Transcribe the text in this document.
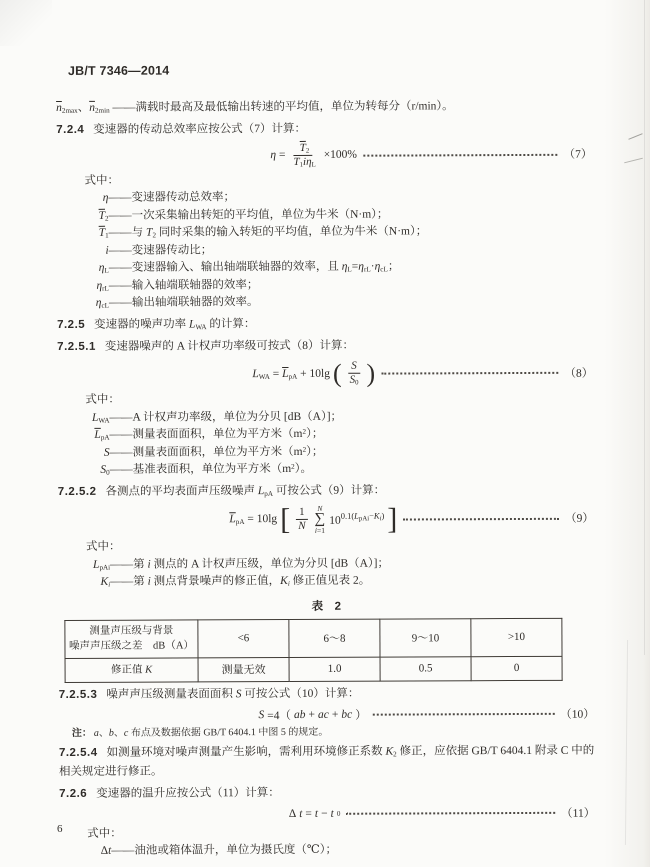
JB/T 7346—2014
$\overline{n}_{2max}$、$\overline{n}_{2min}$ ——满载时最高及最低输出转速的平均值，单位为转每分（r/min）。
7.2.4 变速器的传动总效率应按公式（7）计算：
$\eta = \frac{\overline{T}_2}{\overline{T}_1i\eta_L} \times 100\%$	（7）
式中：
η——变速器传动总效率；
$\overline{T}_2——$一次采集输出转矩的平均值，单位为牛米（N·m）；
$\overline{T}_1——$与 $T_2$ 同时采集的输入转矩的平均值，单位为牛米（N·m）；
i——变速器传动比；
$\eta_L——$变速器输入、输出轴端联轴器的效率，且 $\eta_L=\eta_{rL}\cdot\eta_{cL}$；
$\eta_{rL}——$输入轴端联轴器的效率；
$\eta_{cL}——$输出轴端联轴器的效率。
7.2.5 变速器的噪声功率 $L_{WA}$ 的计算：
7.2.5.1 变速器噪声的 A 计权声功率级可按式（8）计算：
$L_{WA} = \overline{L}_{pA} + 10\lg$ ( $\frac{S}{S_0}$ )	（8）
式中：
$L_{WA}——A$ 计权声功率级，单位为分贝 [dB（A）]；
$\overline{L}_{pA}——$测量表面面积，单位为平方米$(m^2)$；
S——测量表面面积，单位为平方米$(m^2)$；
$S_0——$基准表面积，单位为平方米$(m^2)$。
7.2.5.2 各测点的平均表面声压级噪声 $L_{pA}$ 可按公式（9）计算：
$\overline{L}_{pA} = 10\lg$ [ $\frac{1}{N}$ N
∑
i=1
$10^{0.1(L_{pAi}-K_i)}$ ]	（9）
式中：
$L_{pAi}——$第 i 测点的 A 计权声压级，单位为分贝 [dB（A）]；
$K_i——$第 i 测点背景噪声的修正值，$K_i$ 修正值见表 2。
表　2
测量声压级与背景
噪声声压级之差　dB（A）	<6	6～8	9～10	>10
修正值 K	测量无效	1.0	0.5	0
7.2.5.3 噪声声压级测量表面面积 S 可按公式（10）计算：
S =4（ ab + ac + bc ）	（10）
注： a、b、c 布点及数据依据 GB/T 6404.1 中图 5 的规定。
7.2.5.4 如测量环境对噪声测量产生影响，需利用环境修正系数 $K_2$ 修正，应依据 GB/T 6404.1 附录 C 中的相关规定进行修正。
7.2.6 变速器的温升应按公式（11）计算：
Δ t = t − t 0	（11）
式中：
Δt——油池或箱体温升，单位为摄氏度（℃）；
6
